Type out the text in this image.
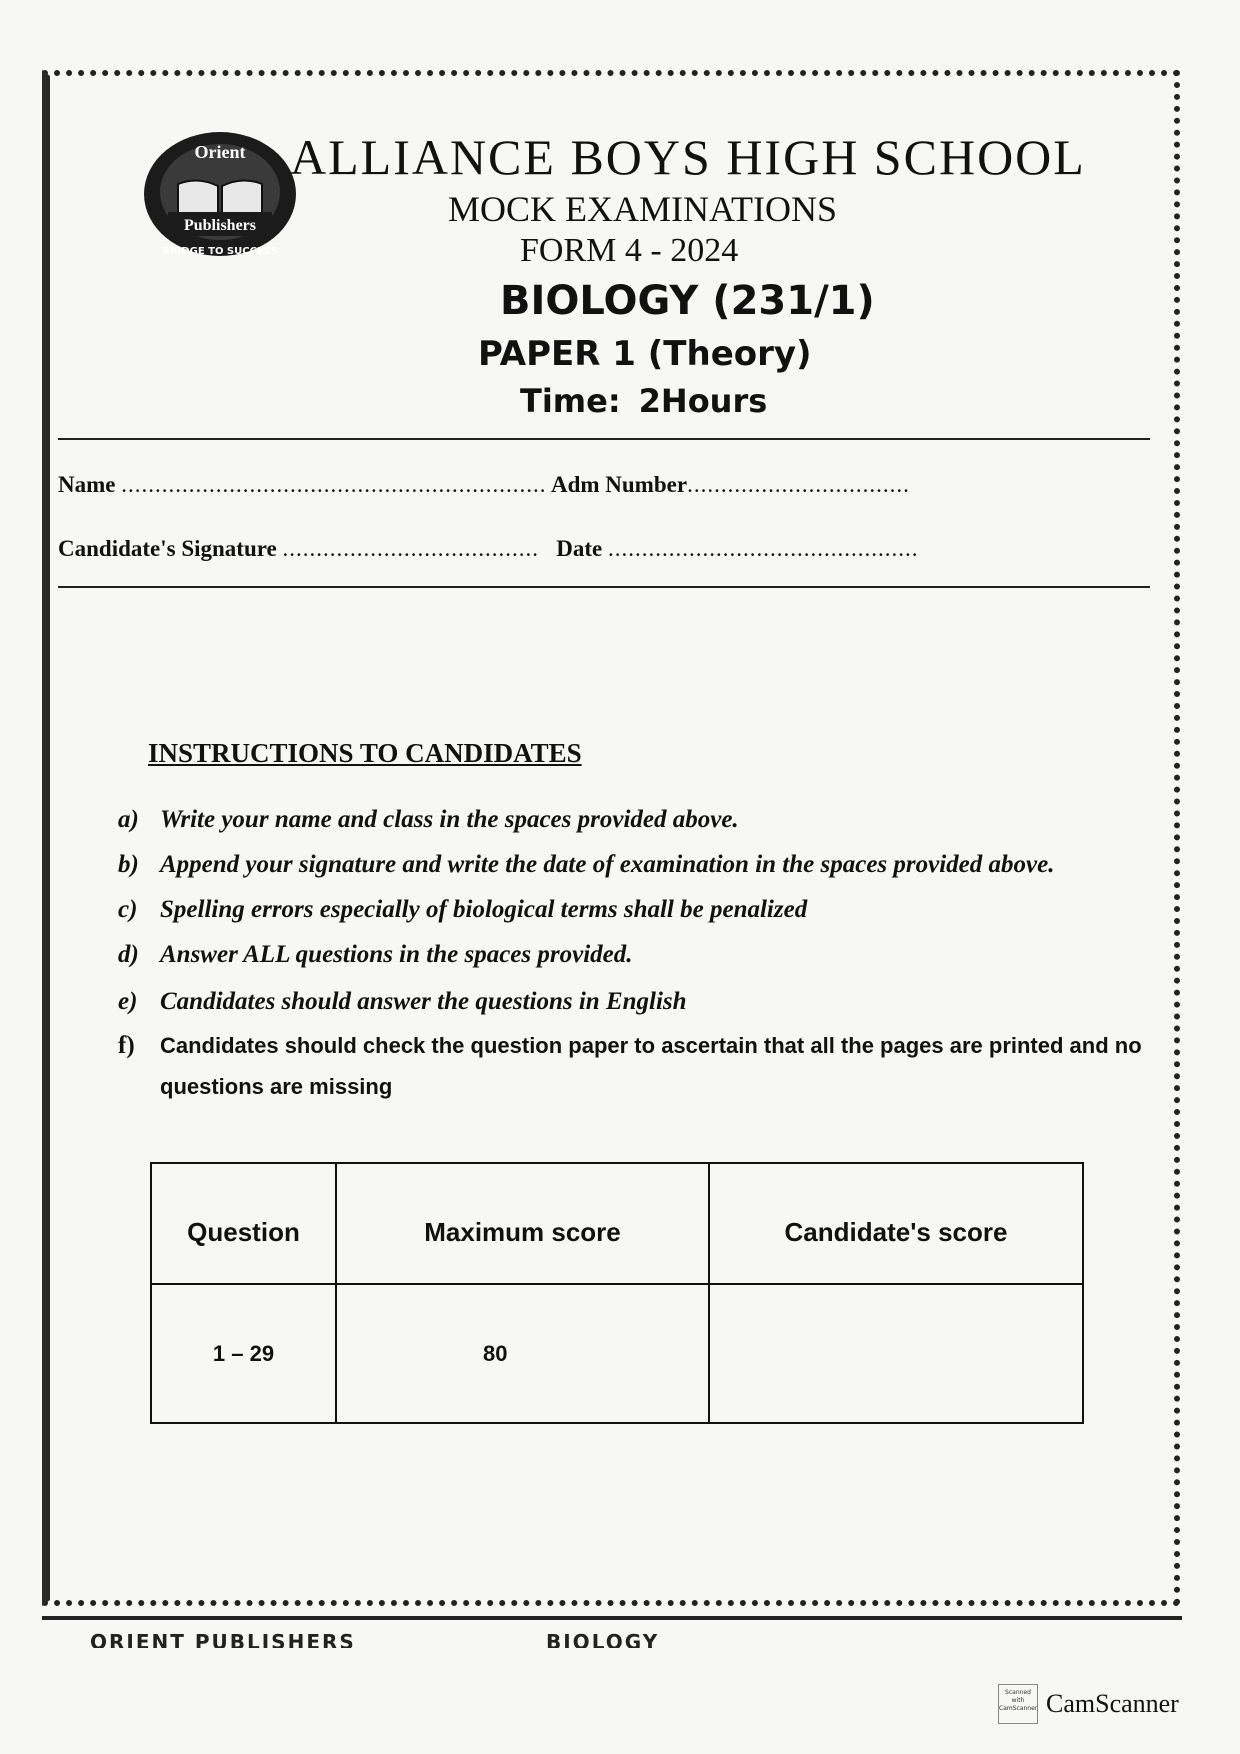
Orient
Publishers
BRIDGE TO SUCCESS
ALLIANCE BOYS HIGH SCHOOL
MOCK EXAMINATIONS
FORM 4 - 2024
BIOLOGY (231/1)
PAPER 1 (Theory)
Time: 2Hours
Name ............................................................... Adm Number.................................
Candidate's Signature ...................................... Date ..............................................
INSTRUCTIONS TO CANDIDATES
a) Write your name and class in the spaces provided above.
b) Append your signature and write the date of examination in the spaces provided above.
c) Spelling errors especially of biological terms shall be penalized
d) Answer ALL questions in the spaces provided.
e) Candidates should answer the questions in English
f) Candidates should check the question paper to ascertain that all the pages are printed and no
questions are missing
Question	Maximum score	Candidate's score
1 – 29	80	
ORIENT PUBLISHERS	BIOLOGY
Scanned with CamScanner CamScanner
